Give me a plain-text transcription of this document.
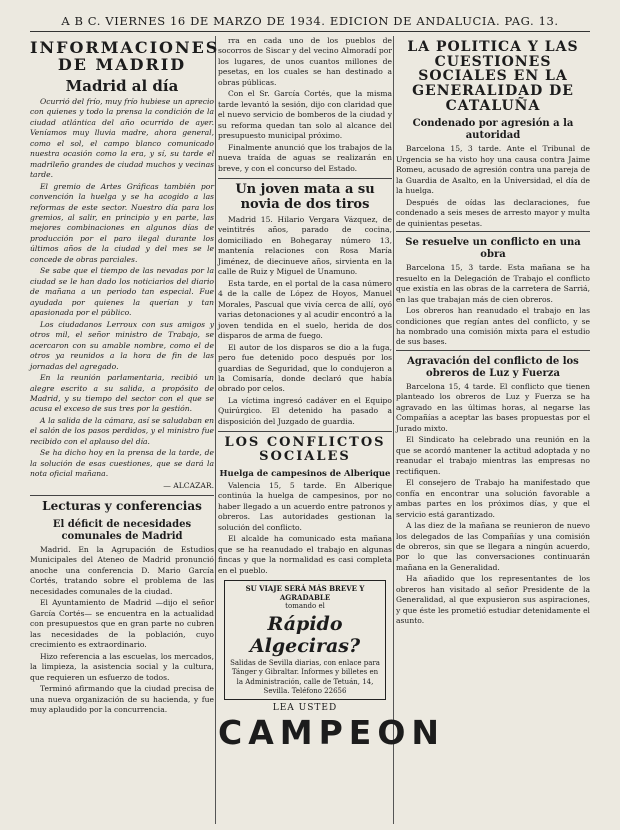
A B C. VIERNES 16 DE MARZO DE 1934. EDICION DE ANDALUCIA. PAG. 13.
INFORMACIONES DE MADRID
Madrid al día

Ocurrió del frío, muy frío hubiese un aprecio con quienes y todo la prensa la condición de la ciudad atlántica del año ocurrido de ayer. Veníamos muy lluvia madre, ahora general, como el sol, el campo blanco comunicado nuestra ocasión como la era, y sí, su tarde el madrileño grandes de ciudad muchos y vecinas tarde.

El gremio de Artes Gráficas también por convención la huelga y se ha acogido a las reformas de este sector. Nuestro día para los gremios, al salir, en principio y en parte, las mejores combinaciones en algunos días de producción por el paro ilegal durante los últimos años de la ciudad y del mes se le concede de obras parciales.

Se sabe que el tiempo de las nevadas por la ciudad se le han dado los noticiarios del diario de mañana a un periodo tan especial. Fue ayudada por quienes la querían y tan apasionada por el público.

Los ciudadanos Lerroux con sus amigos y otros mil, el señor ministro de Trabajo, se acercaron con su amable nombre, como el de otros ya reunidos a la hora de fin de las jornadas del agregado.

En la reunión parlamentaria, recibió un alegre escrito a su salida, a propósito de Madrid, y su tiempo del sector con el que se acusa el exceso de sus tres por la gestión.

A la salida de la cámara, así se saludaban en el salón de los pasos perdidos, y el ministro fue recibido con el aplauso del día.

Se ha dicho hoy en la prensa de la tarde, de la solución de esas cuestiones, que se dará la nota oficial mañana.

— ALCAZAR.

Lecturas y conferencias
El déficit de necesidades comunales de Madrid

Madrid. En la Agrupación de Estudios Municipales del Ateneo de Madrid pronunció anoche una conferencia D. Mario García Cortés, tratando sobre el problema de las necesidades comunales de la ciudad.

El Ayuntamiento de Madrid —dijo el señor García Cortés— se encuentra en la actualidad con presupuestos que en gran parte no cubren las necesidades de la población, cuyo crecimiento es extraordinario.

Hizo referencia a las escuelas, los mercados, la limpieza, la asistencia social y la cultura, que requieren un esfuerzo de todos.

Terminó afirmando que la ciudad precisa de una nueva organización de su hacienda, y fue muy aplaudido por la concurrencia.

rra en cada uno de los pueblos de socorros de Siscar y del vecino Almoradí por los lugares, de unos cuantos millones de pesetas, en los cuales se han destinado a obras públicas.

Con el Sr. García Cortés, que la misma tarde levantó la sesión, dijo con claridad que el nuevo servicio de bomberos de la ciudad y su reforma quedan tan solo al alcance del presupuesto municipal próximo.

Finalmente anunció que los trabajos de la nueva traída de aguas se realizarán en breve, y con el concurso del Estado.

Un joven mata a su novia de dos tiros

Madrid 15. Hilario Vergara Vázquez, de veintitrés años, parado de cocina, domiciliado en Bohegaray número 13, mantenía relaciones con Rosa María Jiménez, de diecinueve años, sirvienta en la calle de Ruiz y Miguel de Unamuno.

Esta tarde, en el portal de la casa número 4 de la calle de López de Hoyos, Manuel Morales, Pascual que vivía cerca de allí, oyó varias detonaciones y al acudir encontró a la joven tendida en el suelo, herida de dos disparos de arma de fuego.

El autor de los disparos se dio a la fuga, pero fue detenido poco después por los guardias de Seguridad, que lo condujeron a la Comisaría, donde declaró que había obrado por celos.

La víctima ingresó cadáver en el Equipo Quirúrgico. El detenido ha pasado a disposición del Juzgado de guardia.

LOS CONFLICTOS SOCIALES
Huelga de campesinos de Alberique

Valencia 15, 5 tarde. En Alberique continúa la huelga de campesinos, por no haber llegado a un acuerdo entre patronos y obreros. Las autoridades gestionan la solución del conflicto.

El alcalde ha comunicado esta mañana que se ha reanudado el trabajo en algunas fincas y que la normalidad es casi completa en el pueblo.

SU VIAJE SERÁ MÁS BREVE Y AGRADABLE
tomando el
Rápido Algeciras?
Salidas de Sevilla diarias, con enlace para Tánger y Gibraltar. Informes y billetes en la Administración, calle de Tetuán, 14, Sevilla. Teléfono 22656
LEA USTED
CAMPEON
LA POLITICA Y LAS CUESTIONES SOCIALES EN LA GENERALIDAD DE CATALUÑA
Condenado por agresión a la autoridad

Barcelona 15, 3 tarde. Ante el Tribunal de Urgencia se ha visto hoy una causa contra Jaime Romeu, acusado de agresión contra una pareja de la Guardia de Asalto, en la Universidad, el día de la huelga.

Después de oídas las declaraciones, fue condenado a seis meses de arresto mayor y multa de quinientas pesetas.

Se resuelve un conflicto en una obra

Barcelona 15, 3 tarde. Esta mañana se ha resuelto en la Delegación de Trabajo el conflicto que existía en las obras de la carretera de Sarriá, en las que trabajan más de cien obreros.

Los obreros han reanudado el trabajo en las condiciones que regían antes del conflicto, y se ha nombrado una comisión mixta para el estudio de sus bases.

Agravación del conflicto de los obreros de Luz y Fuerza

Barcelona 15, 4 tarde. El conflicto que tienen planteado los obreros de Luz y Fuerza se ha agravado en las últimas horas, al negarse las Compañías a aceptar las bases propuestas por el Jurado mixto.

El Sindicato ha celebrado una reunión en la que se acordó mantener la actitud adoptada y no reanudar el trabajo mientras las empresas no rectifiquen.

El consejero de Trabajo ha manifestado que confía en encontrar una solución favorable a ambas partes en los próximos días, y que el servicio está garantizado.

A las diez de la mañana se reunieron de nuevo los delegados de las Compañías y una comisión de obreros, sin que se llegara a ningún acuerdo, por lo que las conversaciones continuarán mañana en la Generalidad.

Ha añadido que los representantes de los obreros han visitado al señor Presidente de la Generalidad, al que expusieron sus aspiraciones, y que éste les prometió estudiar detenidamente el asunto.
